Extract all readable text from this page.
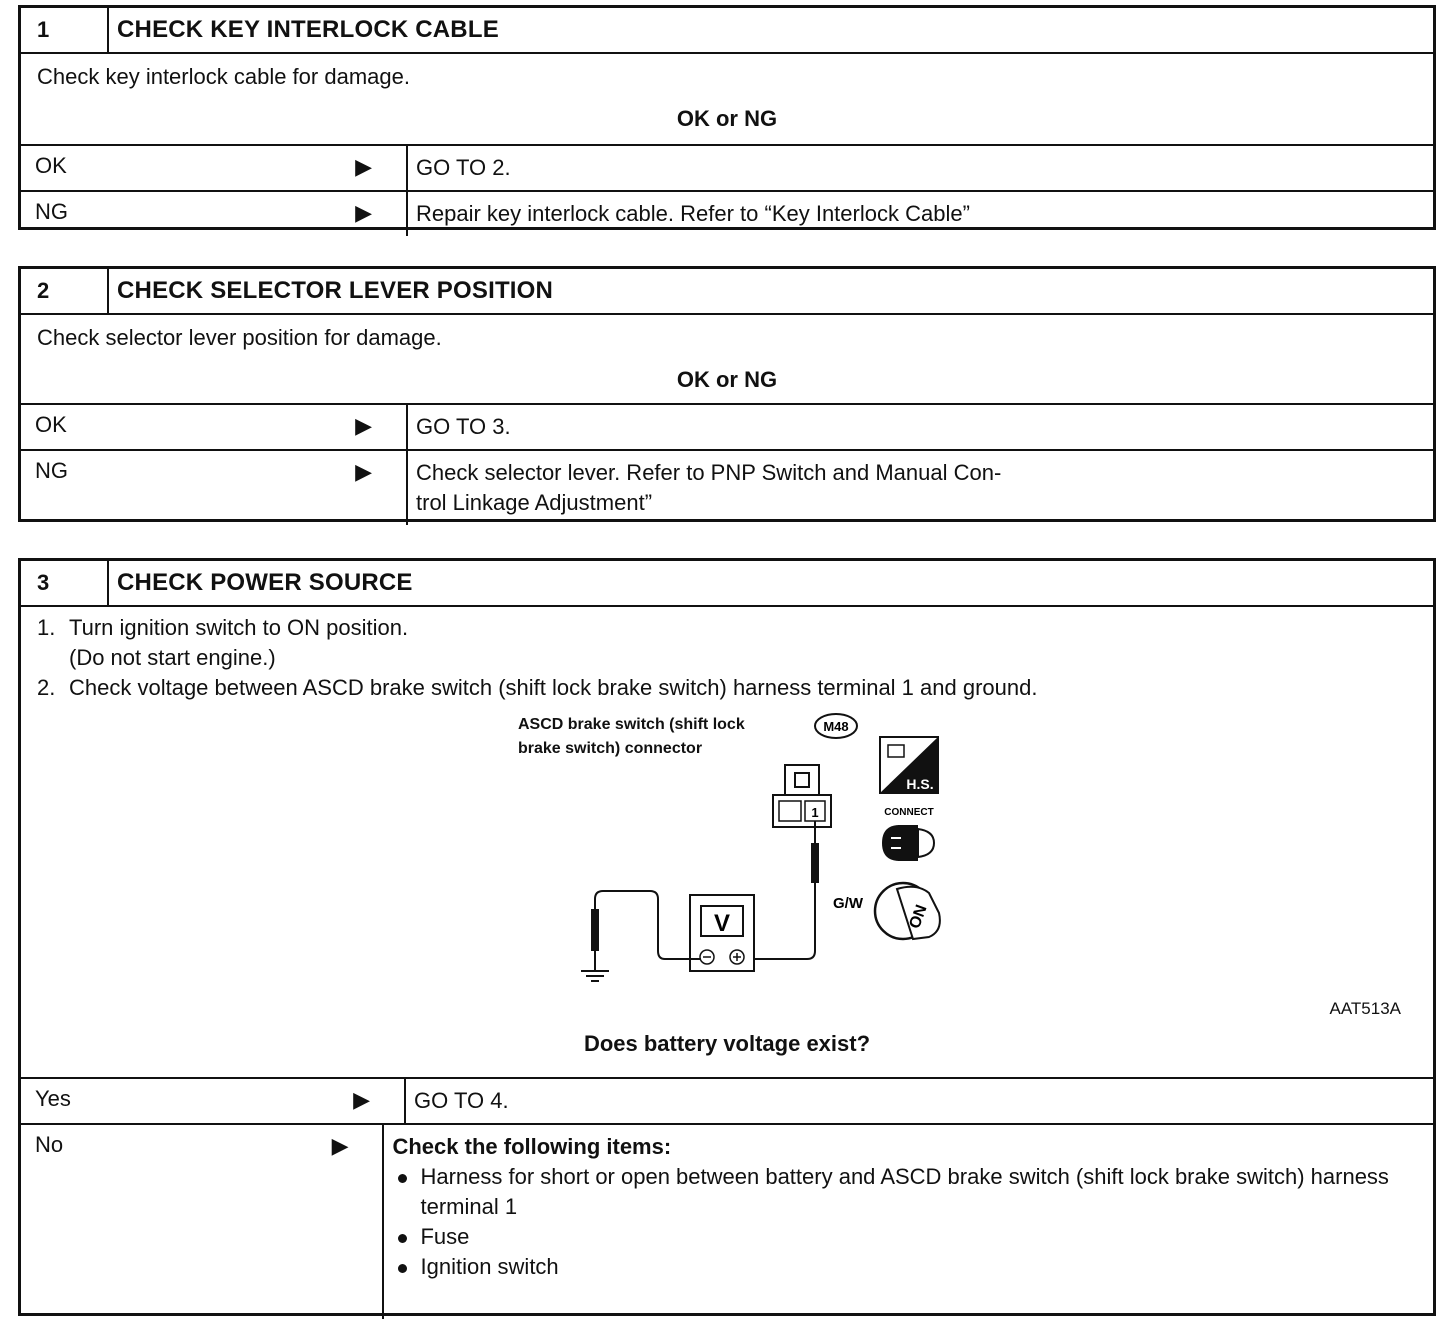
1	CHECK KEY INTERLOCK CABLE
Check key interlock cable for damage.
OK or NG
OK	▶	GO TO 2.
NG	▶	Repair key interlock cable. Refer to “Key Interlock Cable”
2	CHECK SELECTOR LEVER POSITION
Check selector lever position for damage.
OK or NG
OK	▶	GO TO 3.
NG	▶ Check selector lever. Refer to PNP Switch and Manual Con-
trol Linkage Adjustment”
3	CHECK POWER SOURCE
1. Turn ignition switch to ON position.
(Do not start engine.)
2. Check voltage between ASCD brake switch (shift lock brake switch) harness terminal 1 and ground.
ASCD brake switch (shift lock
brake switch) connector
M48
1
G/W
V
H.S.
CONNECT
ON
AAT513A
Does battery voltage exist?
Yes	▶	GO TO 4.
No	▶ Check the following items:
Harness for short or open between battery and ASCD brake switch (shift lock brake switch) harness terminal 1
Fuse
Ignition switch
